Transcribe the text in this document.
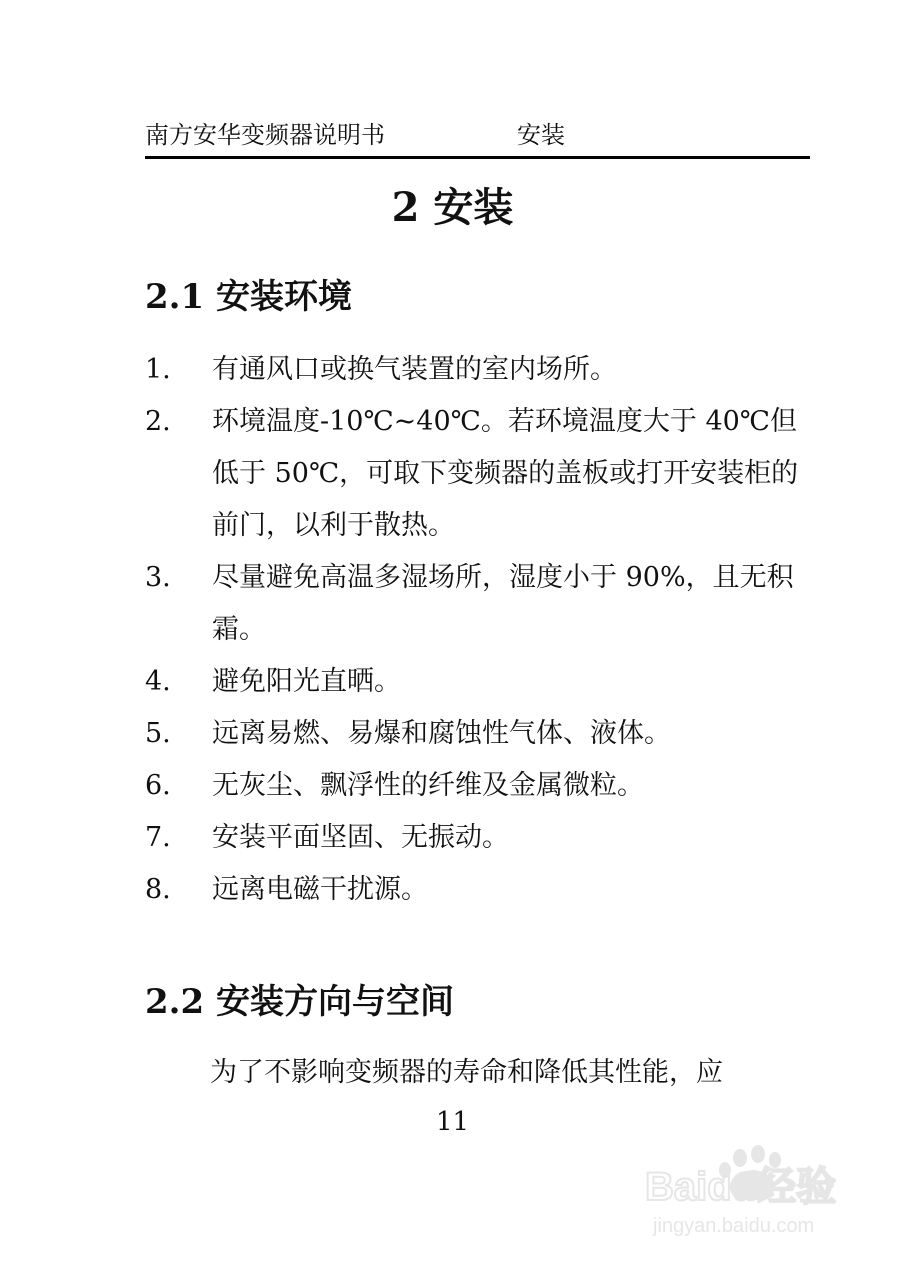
南方安华变频器说明书	安装
2 安装
2.1 安装环境
1. 有通风口或换气装置的室内场所。
2. 环境温度-10℃~40℃。若环境温度大于 40℃但低于 50℃，可取下变频器的盖板或打开安装柜的前门，以利于散热。
3. 尽量避免高温多湿场所，湿度小于 90%，且无积霜。
4. 避免阳光直晒。
5. 远离易燃、易爆和腐蚀性气体、液体。
6. 无灰尘、飘浮性的纤维及金属微粒。
7. 安装平面坚固、无振动。
8. 远离电磁干扰源。
2.2 安装方向与空间
为了不影响变频器的寿命和降低其性能，应
11
Baidu经验
jingyan.baidu.com
